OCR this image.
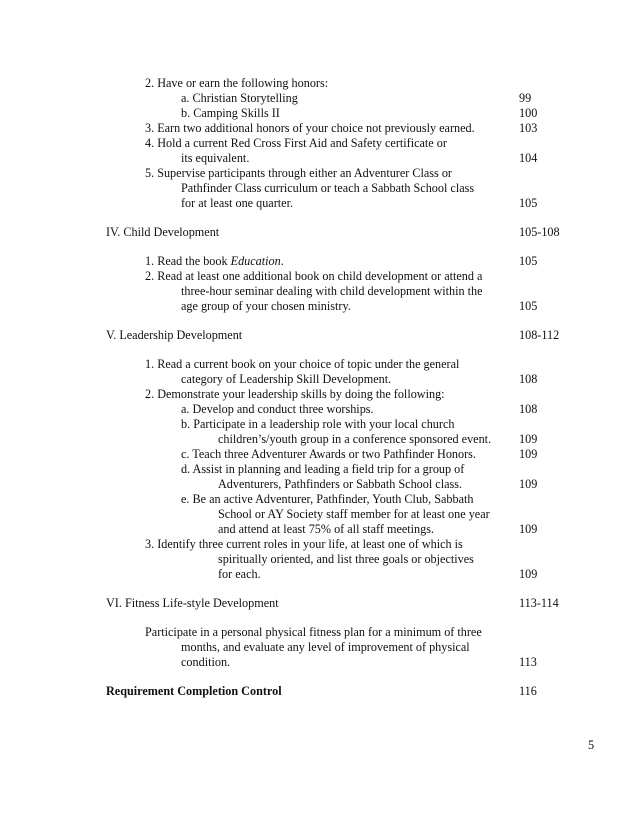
2. Have or earn the following honors:
a. Christian Storytelling	99
b. Camping Skills II	100
3. Earn two additional honors of your choice not previously earned.	103
4. Hold a current Red Cross First Aid and Safety certificate or
its equivalent.	104
5. Supervise participants through either an Adventurer Class or
Pathfinder Class curriculum or teach a Sabbath School class
for at least one quarter.	105
IV. Child Development	105-108
1. Read the book Education.	105
2. Read at least one additional book on child development or attend a
three-hour seminar dealing with child development within the
age group of your chosen ministry.	105
V. Leadership Development	108-112
1. Read a current book on your choice of topic under the general
category of Leadership Skill Development.	108
2. Demonstrate your leadership skills by doing the following:
a. Develop and conduct three worships.	108
b. Participate in a leadership role with your local church
children’s/youth group in a conference sponsored event. 109
c. Teach three Adventurer Awards or two Pathfinder Honors.	109
d. Assist in planning and leading a field trip for a group of
Adventurers, Pathfinders or Sabbath School class.	109
e. Be an active Adventurer, Pathfinder, Youth Club, Sabbath
School or AY Society staff member for at least one year
and attend at least 75% of all staff meetings.	109
3. Identify three current roles in your life, at least one of which is
spiritually oriented, and list three goals or objectives
for each.	109
VI. Fitness Life-style Development	113-114
Participate in a personal physical fitness plan for a minimum of three
months, and evaluate any level of improvement of physical
condition.	113
Requirement Completion Control	116
5
